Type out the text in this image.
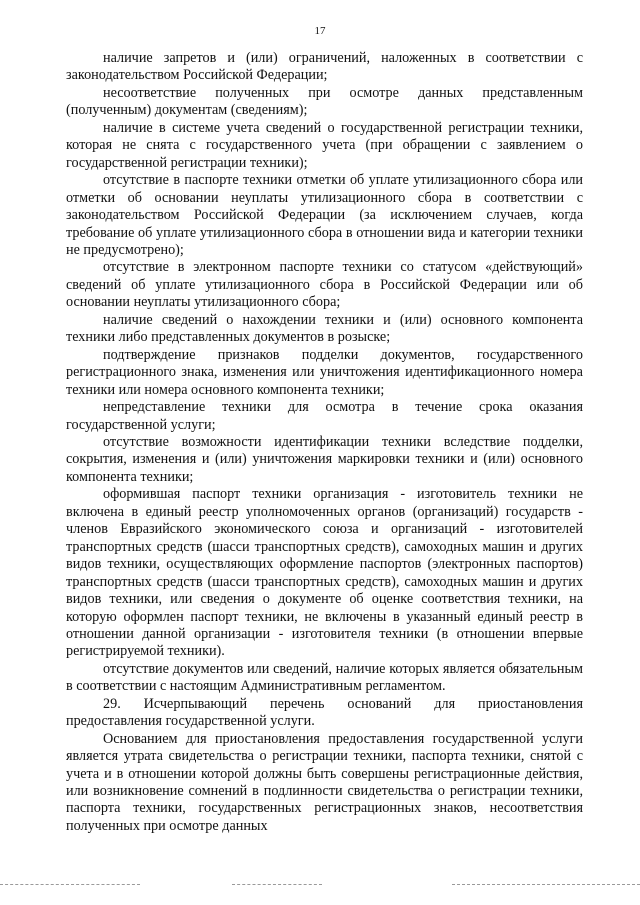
17

наличие запретов и (или) ограничений, наложенных в соответствии с законодательством Российской Федерации;

несоответствие полученных при осмотре данных представленным (полученным) документам (сведениям);

наличие в системе учета сведений о государственной регистрации техники, которая не снята с государственного учета (при обращении с заявлением о государственной регистрации техники);

отсутствие в паспорте техники отметки об уплате утилизационного сбора или отметки об основании неуплаты утилизационного сбора в соответствии с законодательством Российской Федерации (за исключением случаев, когда требование об уплате утилизационного сбора в отношении вида и категории техники не предусмотрено);

отсутствие в электронном паспорте техники со статусом «действующий» сведений об уплате утилизационного сбора в Российской Федерации или об основании неуплаты утилизационного сбора;

наличие сведений о нахождении техники и (или) основного компонента техники либо представленных документов в розыске;

подтверждение признаков подделки документов, государственного регистрационного знака, изменения или уничтожения идентификационного номера техники или номера основного компонента техники;

непредставление техники для осмотра в течение срока оказания государственной услуги;

отсутствие возможности идентификации техники вследствие подделки, сокрытия, изменения и (или) уничтожения маркировки техники и (или) основного компонента техники;

оформившая паспорт техники организация - изготовитель техники не включена в единый реестр уполномоченных органов (организаций) государств - членов Евразийского экономического союза и организаций - изготовителей транспортных средств (шасси транспортных средств), самоходных машин и других видов техники, осуществляющих оформление паспортов (электронных паспортов) транспортных средств (шасси транспортных средств), самоходных машин и других видов техники, или сведения о документе об оценке соответствия техники, на которую оформлен паспорт техники, не включены в указанный единый реестр в отношении данной организации - изготовителя техники (в отношении впервые регистрируемой техники).

отсутствие документов или сведений, наличие которых является обязательным в соответствии с настоящим Административным регламентом.

29. Исчерпывающий перечень оснований для приостановления предоставления государственной услуги.

Основанием для приостановления предоставления государственной услуги является утрата свидетельства о регистрации техники, паспорта техники, снятой с учета и в отношении которой должны быть совершены регистрационные действия, или возникновение сомнений в подлинности свидетельства о регистрации техники, паспорта техники, государственных регистрационных знаков, несоответствия полученных при осмотре данных
